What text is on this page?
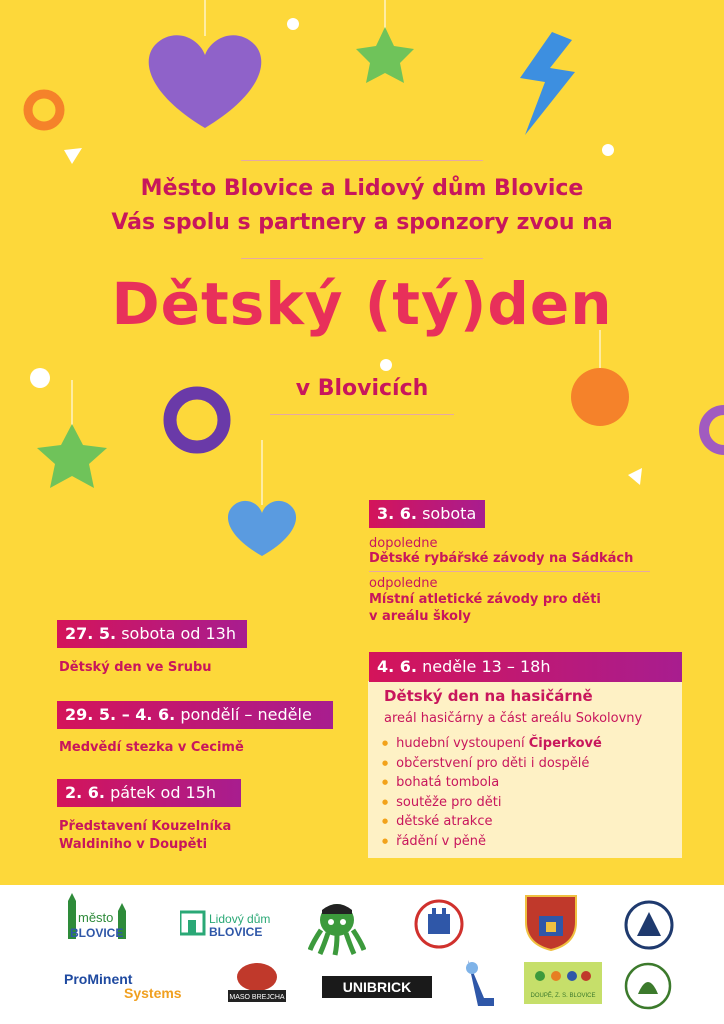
Město Blovice a Lidový dům Blovice
Vás spolu s partnery a sponzory zvou na
Dětský (tý)den
v Blovicích
3. 6. sobota
dopoledne
Dětské rybářské závody na Sádkách
odpoledne
Místní atletické závody pro děti
v areálu školy
27. 5. sobota od 13h
Dětský den ve Srubu
29. 5. – 4. 6. pondělí – neděle
Medvědí stezka v Cecimě
2. 6. pátek od 15h
Představení Kouzelníka
Waldiniho v Doupěti
4. 6. neděle 13 – 18h
Dětský den na hasičárně
areál hasičárny a část areálu Sokolovny
● hudební vystoupení Čiperkové
● občerstvení pro děti i dospělé
● bohatá tombola
● soutěže pro děti
● dětské atrakce
● řádění v pěně
město
BLOVICE
Lidový dům
BLOVICE
ProMinent
Systems	MASO BREJCHA
UNIBRICK
DOUPĚ, Z. S. BLOVICE
